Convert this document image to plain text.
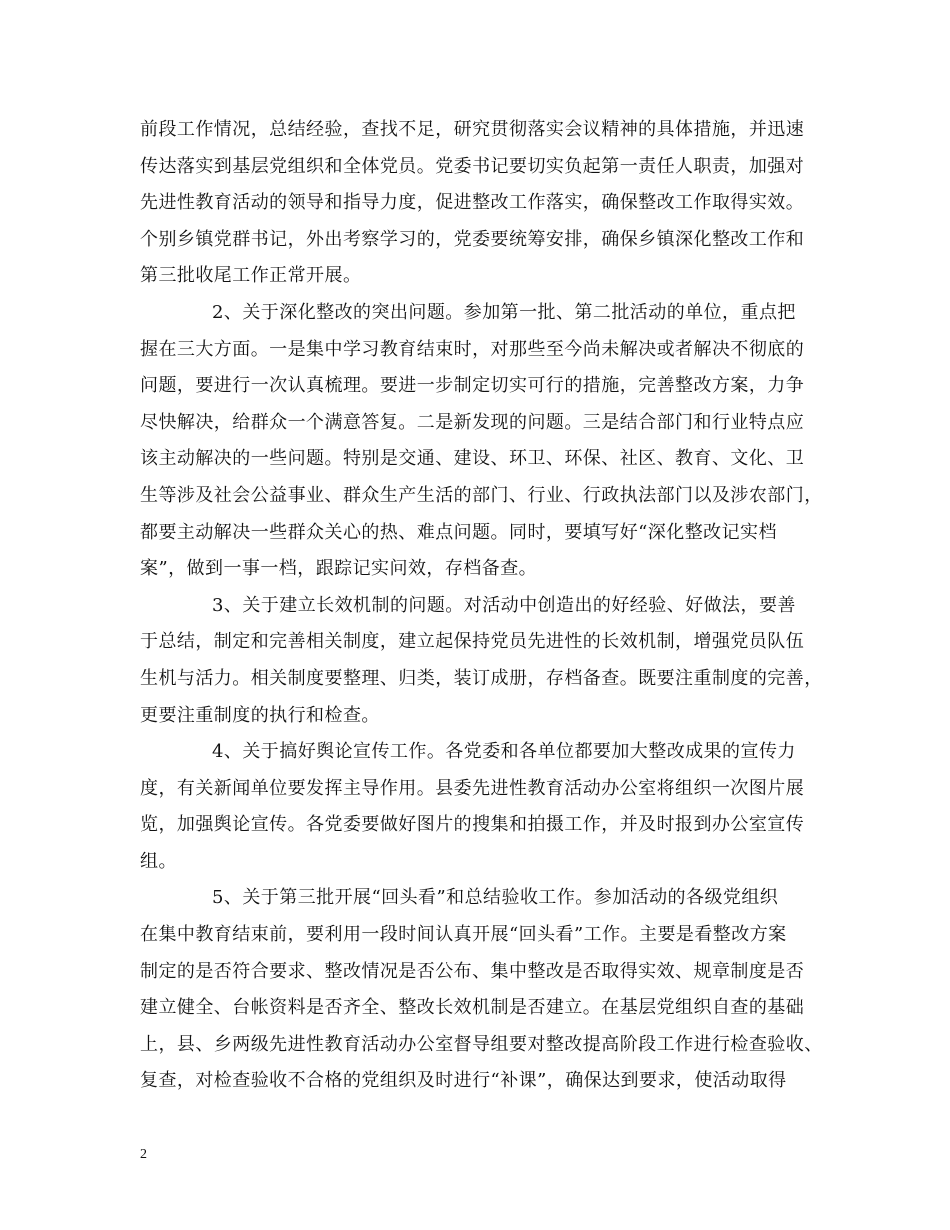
前段工作情况，总结经验，查找不足，研究贯彻落实会议精神的具体措施，并迅速
传达落实到基层党组织和全体党员。党委书记要切实负起第一责任人职责，加强对
先进性教育活动的领导和指导力度，促进整改工作落实，确保整改工作取得实效。
个别乡镇党群书记，外出考察学习的，党委要统筹安排，确保乡镇深化整改工作和
第三批收尾工作正常开展。
2、关于深化整改的突出问题。参加第一批、第二批活动的单位，重点把
握在三大方面。一是集中学习教育结束时，对那些至今尚未解决或者解决不彻底的
问题，要进行一次认真梳理。要进一步制定切实可行的措施，完善整改方案，力争
尽快解决，给群众一个满意答复。二是新发现的问题。三是结合部门和行业特点应
该主动解决的一些问题。特别是交通、建设、环卫、环保、社区、教育、文化、卫
生等涉及社会公益事业、群众生产生活的部门、行业、行政执法部门以及涉农部门，
都要主动解决一些群众关心的热、难点问题。同时，要填写好“深化整改记实档
案”，做到一事一档，跟踪记实问效，存档备查。
3、关于建立长效机制的问题。对活动中创造出的好经验、好做法，要善
于总结，制定和完善相关制度，建立起保持党员先进性的长效机制，增强党员队伍
生机与活力。相关制度要整理、归类，装订成册，存档备查。既要注重制度的完善，
更要注重制度的执行和检查。
4、关于搞好舆论宣传工作。各党委和各单位都要加大整改成果的宣传力
度，有关新闻单位要发挥主导作用。县委先进性教育活动办公室将组织一次图片展
览，加强舆论宣传。各党委要做好图片的搜集和拍摄工作，并及时报到办公室宣传
组。
5、关于第三批开展“回头看”和总结验收工作。参加活动的各级党组织
在集中教育结束前，要利用一段时间认真开展“回头看”工作。主要是看整改方案
制定的是否符合要求、整改情况是否公布、集中整改是否取得实效、规章制度是否
建立健全、台帐资料是否齐全、整改长效机制是否建立。在基层党组织自查的基础
上，县、乡两级先进性教育活动办公室督导组要对整改提高阶段工作进行检查验收、
复查，对检查验收不合格的党组织及时进行“补课”，确保达到要求，使活动取得
2
